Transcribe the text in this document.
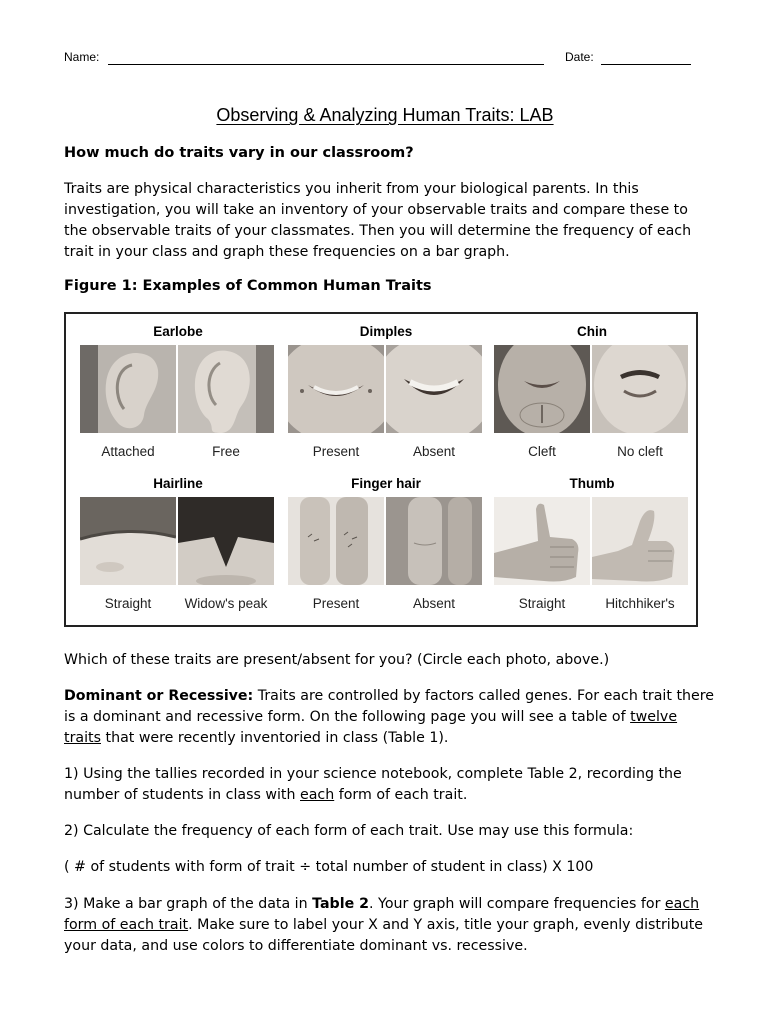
Name:	Date:
Observing & Analyzing Human Traits: LAB
How much do traits vary in our classroom?
Traits are physical characteristics you inherit from your biological parents. In this investigation, you will take an inventory of your observable traits and compare these to the observable traits of your classmates. Then you will determine the frequency of each trait in your class and graph these frequencies on a bar graph.
Figure 1: Examples of Common Human Traits
Earlobe
Attached	Free
Dimples
Present	Absent
Chin
Cleft	No cleft
Hairline
Straight	Widow's peak
Finger hair
Present	Absent
Thumb
Straight	Hitchhiker's
Which of these traits are present/absent for you? (Circle each photo, above.)
Dominant or Recessive: Traits are controlled by factors called genes. For each trait there is a dominant and recessive form. On the following page you will see a table of twelve traits that were recently inventoried in class (Table 1).
1) Using the tallies recorded in your science notebook, complete Table 2, recording the number of students in class with each form of each trait.
2) Calculate the frequency of each form of each trait. Use may use this formula:
( # of students with form of trait ÷ total number of student in class) X 100
3) Make a bar graph of the data in Table 2. Your graph will compare frequencies for each form of each trait. Make sure to label your X and Y axis, title your graph, evenly distribute your data, and use colors to differentiate dominant vs. recessive.
